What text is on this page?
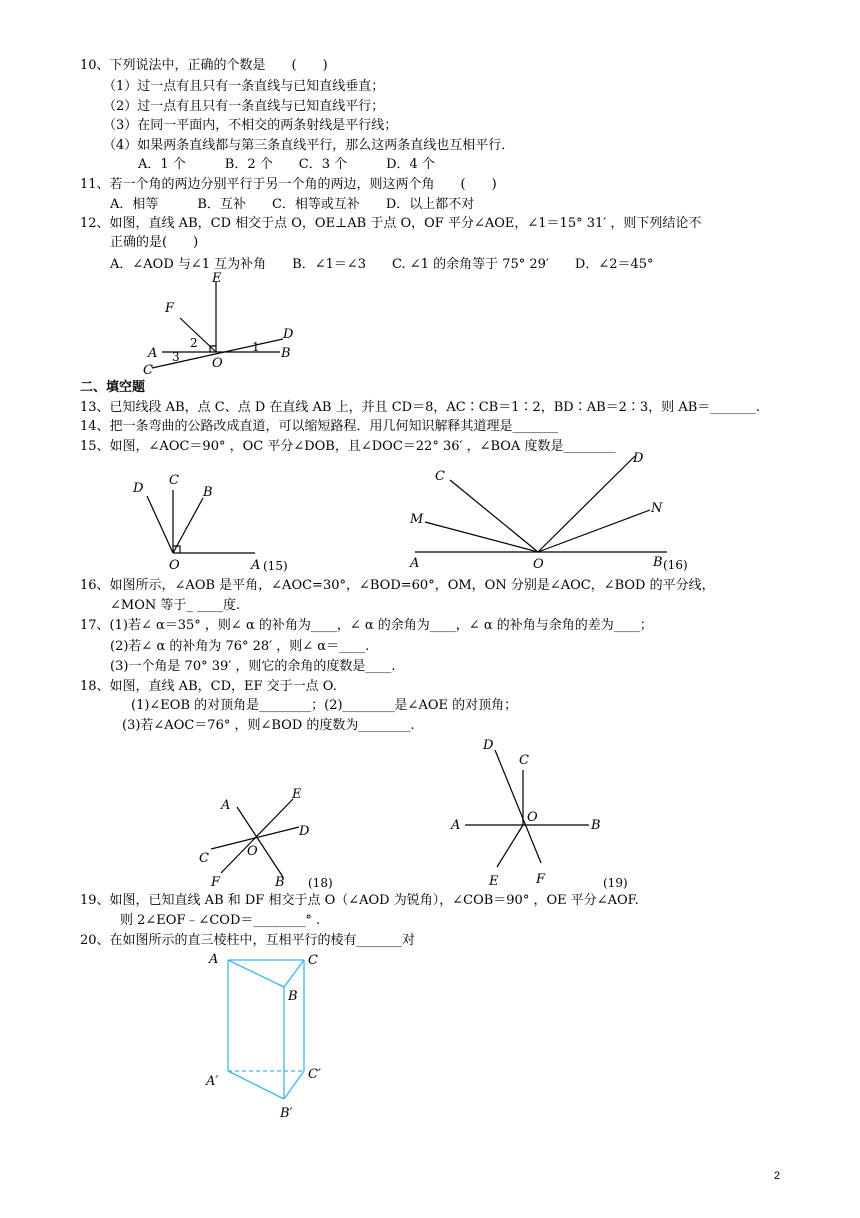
10、下列说法中，正确的个数是　　(　　)
（1）过一点有且只有一条直线与已知直线垂直；
（2）过一点有且只有一条直线与已知直线平行；
（3）在同一平面内，不相交的两条射线是平行线；
（4）如果两条直线都与第三条直线平行，那么这两条直线也互相平行．
A．1 个　　　B．2 个　　C．3 个　　　D．4 个
11、若一个角的两边分别平行于另一个角的两边，则这两个角　　(　　)
A．相等　　　B．互补　　C．相等或互补　　D．以上都不对
12、如图，直线 AB，CD 相交于点 O，OE⊥AB 于点 O，OF 平分∠AOE，∠1＝15° 31′ ，则下列结论不
正确的是(　　)
A．∠AOD 与∠1 互为补角　　B．∠1＝∠3　　C. ∠1 的余角等于 75° 29′　　D．∠2＝45°
二、填空题
13、已知线段 AB，点 C、点 D 在直线 AB 上，并且 CD＝8，AC∶CB＝1∶2，BD∶AB＝2∶3，则 AB＝_______.
14、把一条弯曲的公路改成直道，可以缩短路程．用几何知识解释其道理是_______
15、如图，∠AOC＝90° ，OC 平分∠DOB，且∠DOC＝22° 36′ ，∠BOA 度数是________
16、如图所示，∠AOB 是平角，∠AOC=30°，∠BOD=60°，OM，ON 分别是∠AOC，∠BOD 的平分线，
∠MON 等于_ ____度.
17、(1)若∠ α＝35° ，则∠ α 的补角为____，∠ α 的余角为____，∠ α 的补角与余角的差为____；
(2)若∠ α 的补角为 76° 28′ ，则∠ α＝____.
(3)一个角是 70° 39′ ，则它的余角的度数是____.
18、如图，直线 AB，CD，EF 交于一点 O.
(1)∠EOB 的对顶角是________；(2)________是∠AOE 的对顶角；
(3)若∠AOC＝76° ，则∠BOD 的度数为________.
19、如图，已知直线 AB 和 DF 相交于点 O（∠AOD 为锐角），∠COB＝90° ，OE 平分∠AOF.
则 2∠EOF﹣∠COD＝________° .
20、在如图所示的直三棱柱中，互相平行的棱有_______对
E
F
D
A	B
C	O
1
2
3
D
C
B
O	A (15)
D
C
N
M
A	O	B (16)
A
E
D
C
F
O
B (18)
D
C
A
O
B
E	F	(19)
A	C
B
A′	C′
B′
2
